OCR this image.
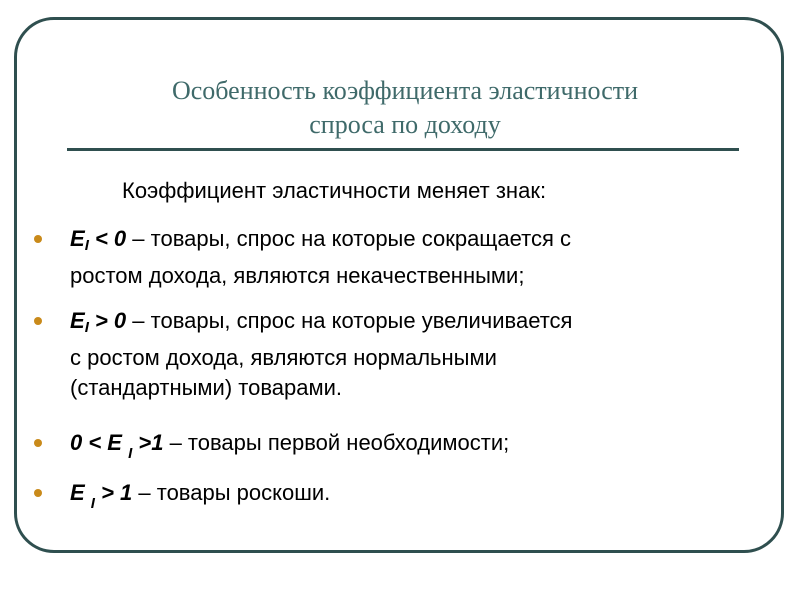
Особенность коэффициента эластичности
спроса по доходу
Коэффициент эластичности меняет знак:
$E_I < 0$ – товары, спрос на которые сокращается с
ростом дохода, являются некачественными;
$E_I > 0$ – товары, спрос на которые увеличивается
с ростом дохода, являются нормальными
(стандартными) товарами.
0 < E $_I$ >1 – товары первой необходимости;
E $_I$ > 1 – товары роскоши.
